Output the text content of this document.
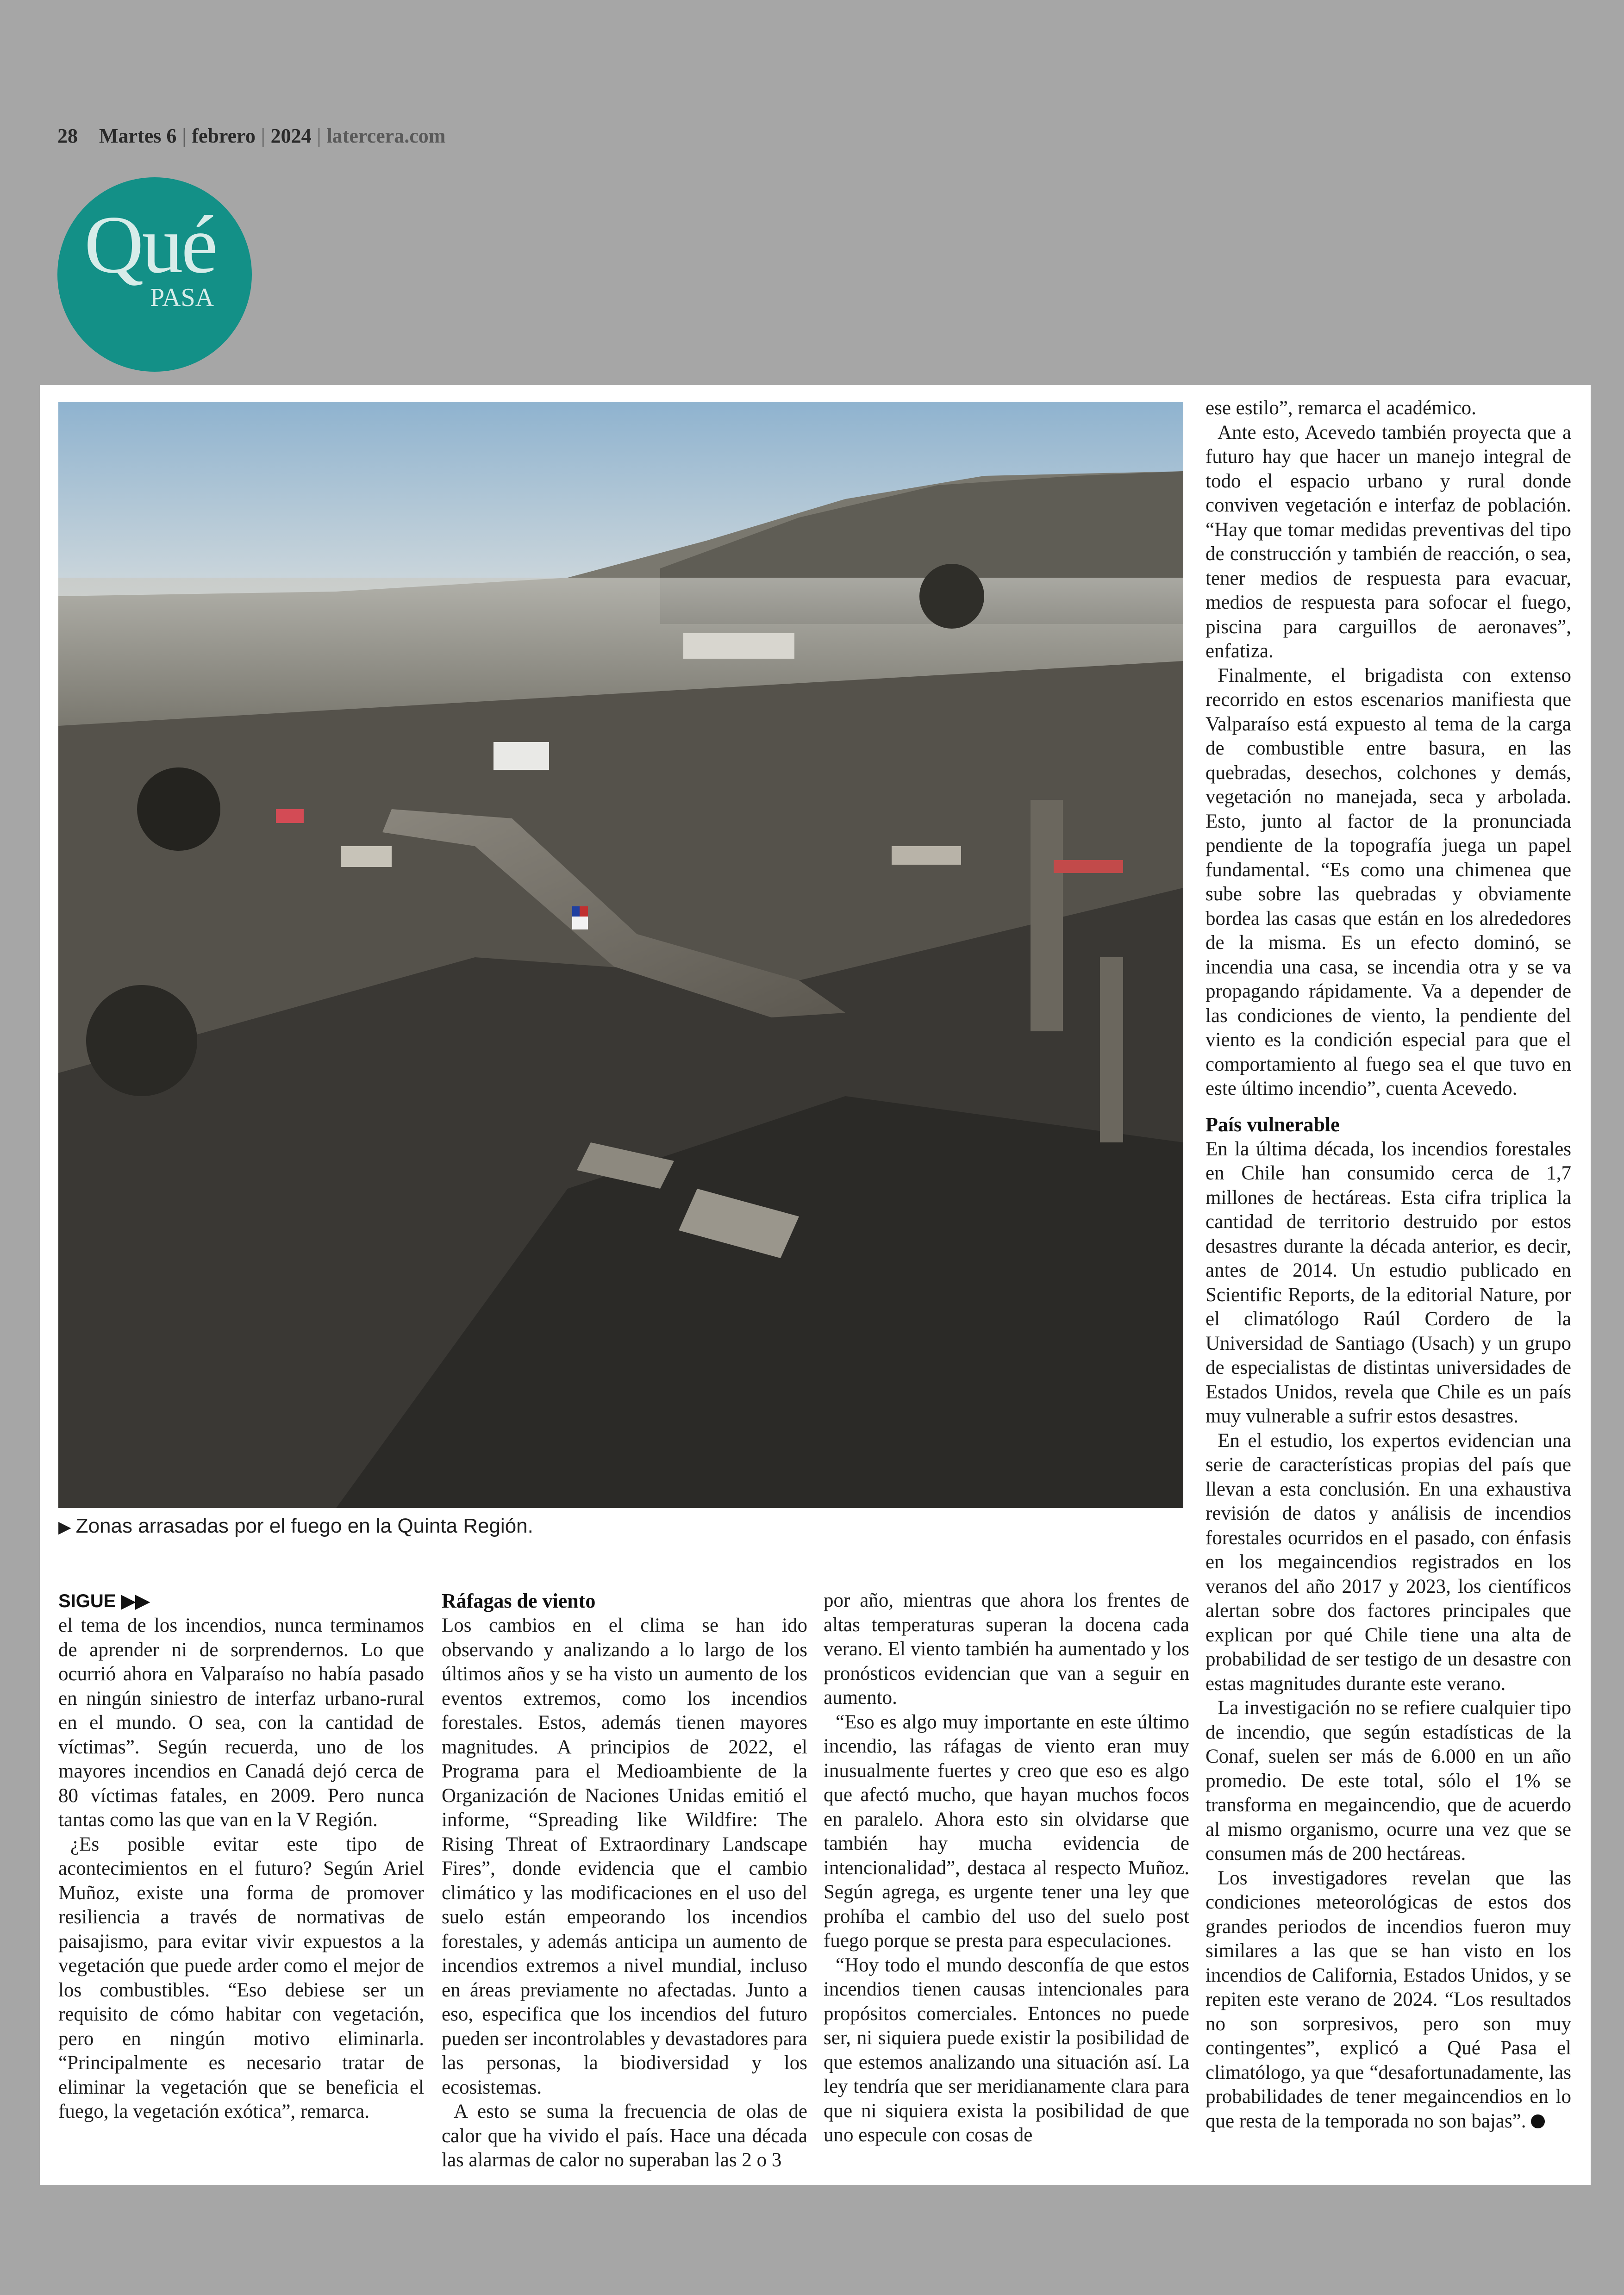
28 Martes 6 | febrero | 2024 | latercera.com
Qué
PASA
▶ Zonas arrasadas por el fuego en la Quinta Región.
SIGUE ▶▶

el tema de los incendios, nunca terminamos de aprender ni de sorprendernos. Lo que ocurrió ahora en Valparaíso no había pasado en ningún siniestro de interfaz urbano-rural en el mundo. O sea, con la cantidad de víctimas”. Según recuerda, uno de los mayores incendios en Canadá dejó cerca de 80 víctimas fatales, en 2009. Pero nunca tantas como las que van en la V Región.

¿Es posible evitar este tipo de acontecimientos en el futuro? Según Ariel Muñoz, existe una forma de promover resiliencia a través de normativas de paisajismo, para evitar vivir expuestos a la vegetación que puede arder como el mejor de los combustibles. “Eso debiese ser un requisito de cómo habitar con vegetación, pero en ningún motivo eliminarla. “Principalmente es necesario tratar de eliminar la vegetación que se beneficia el fuego, la vegetación exótica”, remarca.

Ráfagas de viento

Los cambios en el clima se han ido observando y analizando a lo largo de los últimos años y se ha visto un aumento de los eventos extremos, como los incendios forestales. Estos, además tienen mayores magnitudes. A principios de 2022, el Programa para el Medioambiente de la Organización de Naciones Unidas emitió el informe, “Spreading like Wildfire: The Rising Threat of Extraordinary Landscape Fires”, donde evidencia que el cambio climático y las modificaciones en el uso del suelo están empeorando los incendios forestales, y además anticipa un aumento de incendios extremos a nivel mundial, incluso en áreas previamente no afectadas. Junto a eso, especifica que los incendios del futuro pueden ser incontrolables y devastadores para las personas, la biodiversidad y los ecosistemas.

A esto se suma la frecuencia de olas de calor que ha vivido el país. Hace una década las alarmas de calor no superaban las 2 o 3

por año, mientras que ahora los frentes de altas temperaturas superan la docena cada verano. El viento también ha aumentado y los pronósticos evidencian que van a seguir en aumento.

“Eso es algo muy importante en este último incendio, las ráfagas de viento eran muy inusualmente fuertes y creo que eso es algo que afectó mucho, que hayan muchos focos en paralelo. Ahora esto sin olvidarse que también hay mucha evidencia de intencionalidad”, destaca al respecto Muñoz. Según agrega, es urgente tener una ley que prohíba el cambio del uso del suelo post fuego porque se presta para especulaciones.

“Hoy todo el mundo desconfía de que estos incendios tienen causas intencionales para propósitos comerciales. Entonces no puede ser, ni siquiera puede existir la posibilidad de que estemos analizando una situación así. La ley tendría que ser meridianamente clara para que ni siquiera exista la posibilidad de que uno especule con cosas de

ese estilo”, remarca el académico.

Ante esto, Acevedo también proyecta que a futuro hay que hacer un manejo integral de todo el espacio urbano y rural donde conviven vegetación e interfaz de población. “Hay que tomar medidas preventivas del tipo de construcción y también de reacción, o sea, tener medios de respuesta para evacuar, medios de respuesta para sofocar el fuego, piscina para carguillos de aeronaves”, enfatiza.

Finalmente, el brigadista con extenso recorrido en estos escenarios manifiesta que Valparaíso está expuesto al tema de la carga de combustible entre basura, en las quebradas, desechos, colchones y demás, vegetación no manejada, seca y arbolada. Esto, junto al factor de la pronunciada pendiente de la topografía juega un papel fundamental. “Es como una chimenea que sube sobre las quebradas y obviamente bordea las casas que están en los alrededores de la misma. Es un efecto dominó, se incendia una casa, se incendia otra y se va propagando rápidamente. Va a depender de las condiciones de viento, la pendiente del viento es la condición especial para que el comportamiento al fuego sea el que tuvo en este último incendio”, cuenta Acevedo.

País vulnerable

En la última década, los incendios forestales en Chile han consumido cerca de 1,7 millones de hectáreas. Esta cifra triplica la cantidad de territorio destruido por estos desastres durante la década anterior, es decir, antes de 2014. Un estudio publicado en Scientific Reports, de la editorial Nature, por el climatólogo Raúl Cordero de la Universidad de Santiago (Usach) y un grupo de especialistas de distintas universidades de Estados Unidos, revela que Chile es un país muy vulnerable a sufrir estos desastres.

En el estudio, los expertos evidencian una serie de características propias del país que llevan a esta conclusión. En una exhaustiva revisión de datos y análisis de incendios forestales ocurridos en el pasado, con énfasis en los megaincendios registrados en los veranos del año 2017 y 2023, los científicos alertan sobre dos factores principales que explican por qué Chile tiene una alta de probabilidad de ser testigo de un desastre con estas magnitudes durante este verano.

La investigación no se refiere cualquier tipo de incendio, que según estadísticas de la Conaf, suelen ser más de 6.000 en un año promedio. De este total, sólo el 1% se transforma en megaincendio, que de acuerdo al mismo organismo, ocurre una vez que se consumen más de 200 hectáreas.

Los investigadores revelan que las condiciones meteorológicas de estos dos grandes periodos de incendios fueron muy similares a las que se han visto en los incendios de California, Estados Unidos, y se repiten este verano de 2024. “Los resultados no son sorpresivos, pero son muy contingentes”, explicó a Qué Pasa el climatólogo, ya que “desafortunadamente, las probabilidades de tener megaincendios en lo que resta de la temporada no son bajas”.
